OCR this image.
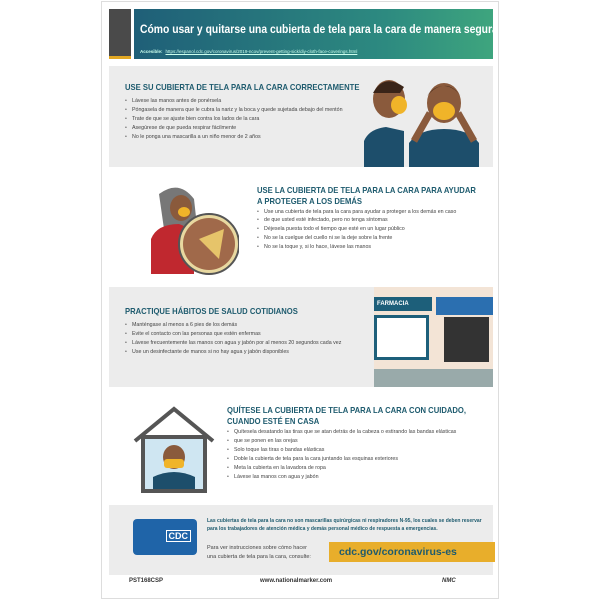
Cómo usar y quitarse una cubierta de tela para la cara de manera segura
Accesible: https://espanol.cdc.gov/coronavirus/2019-ncov/prevent-getting-sick/diy-cloth-face-coverings.html
USE SU CUBIERTA DE TELA PARA LA CARA CORRECTAMENTE
• Lávese las manos antes de ponérsela
• Póngasela de manera que le cubra la nariz y la boca y quede sujetada debajo del mentón
• Trate de que se ajuste bien contra los lados de la cara
• Asegúrese de que pueda respirar fácilmente
• No le ponga una mascarilla a un niño menor de 2 años
USE LA CUBIERTA DE TELA PARA LA CARA PARA AYUDAR
A PROTEGER A LOS DEMÁS
• Use una cubierta de tela para la cara para ayudar a proteger a los demás en caso
• de que usted esté infectado, pero no tenga síntomas
• Déjesela puesta todo el tiempo que esté en un lugar público
• No se la cuelgue del cuello ni se la deje sobre la frente
• No se la toque y, si lo hace, lávese las manos
PRACTIQUE HÁBITOS DE SALUD COTIDIANOS
• Manténgase al menos a 6 pies de los demás
• Evite el contacto con las personas que estén enfermas
• Lávese frecuentemente las manos con agua y jabón por al menos 20 segundos cada vez
• Use un desinfectante de manos si no hay agua y jabón disponibles
FARMACIA
QUÍTESE LA CUBIERTA DE TELA PARA LA CARA CON CUIDADO,
CUANDO ESTÉ EN CASA
• Quítesela desatando las tiras que se atan detrás de la cabeza o estirando las bandas elásticas
• que se ponen en las orejas
• Solo toque las tiras o bandas elásticas
• Doble la cubierta de tela para la cara juntando las esquinas exteriores
• Meta la cubierta en la lavadora de ropa
• Lávese las manos con agua y jabón
CDC
Las cubiertas de tela para la cara no son mascarillas quirúrgicas ni respiradores N-95, los cuales se deben reservar para los trabajadores de atención médica y demás personal médico de respuesta a emergencias.
Para ver instrucciones sobre cómo hacer una cubierta de tela para la cara, consulte:	cdc.gov/coronavirus-es
PST168CSP	www.nationalmarker.com	NMC
